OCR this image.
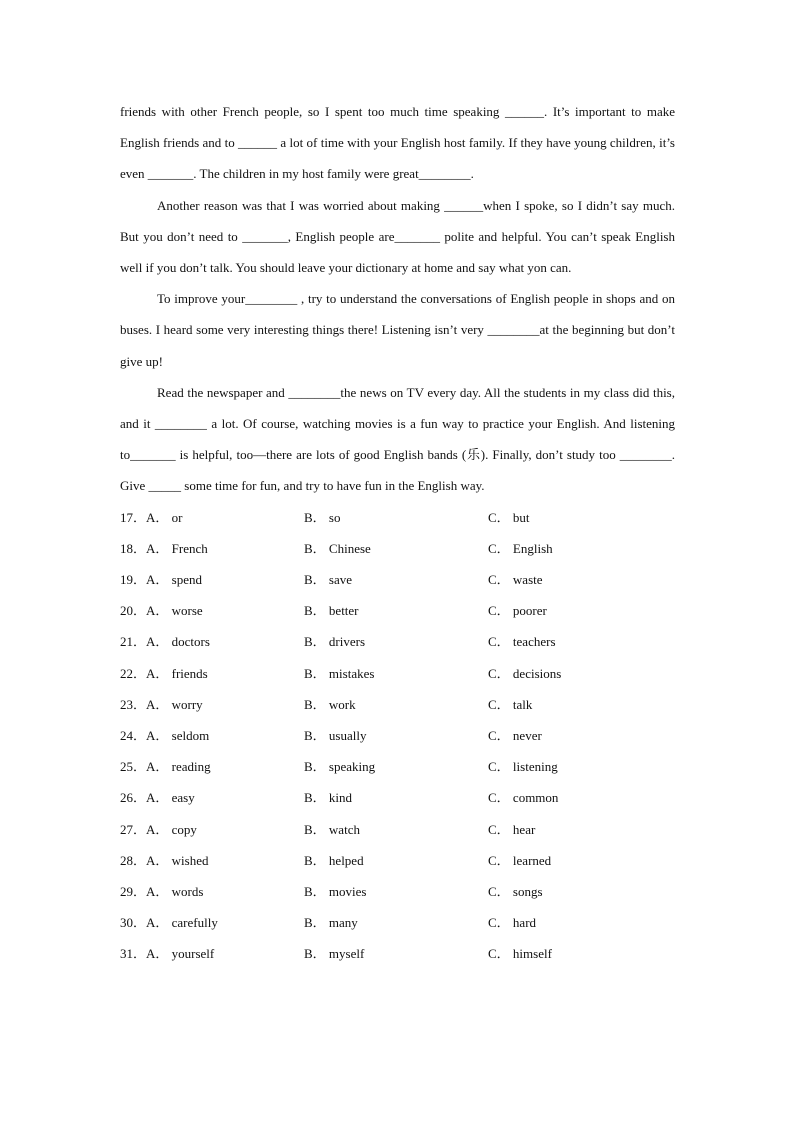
friends with other French people, so I spent too much time speaking ______. It’s important to make English friends and to ______ a lot of time with your English host family. If they have young children, it’s even _______. The children in my host family were great________.

Another reason was that I was worried about making ______when I spoke, so I didn’t say much. But you don’t need to _______, English people are_______ polite and helpful. You can’t speak English well if you don’t talk. You should leave your dictionary at home and say what yon can.

To improve your________ , try to understand the conversations of English people in shops and on buses. I heard some very interesting things there! Listening isn’t very ________at the beginning but don’t give up!

Read the newspaper and ________the news on TV every day. All the students in my class did this, and it ________ a lot. Of course, watching movies is a fun way to practice your English. And listening to_______ is helpful, too—there are lots of good English bands (乐). Finally, don’t study too ________. Give _____ some time for fun, and try to have fun in the English way.

17． A． or	B． so	C． but
18． A． French	B． Chinese	C． English
19． A． spend	B． save	C． waste
20． A． worse	B． better	C． poorer
21． A． doctors	B． drivers	C． teachers
22． A． friends	B． mistakes	C． decisions
23． A． worry	B． work	C． talk
24． A． seldom	B． usually	C． never
25． A． reading	B． speaking	C． listening
26． A． easy	B． kind	C． common
27． A． copy	B． watch	C． hear
28． A． wished	B． helped	C． learned
29． A． words	B． movies	C． songs
30． A． carefully	B． many	C． hard
31． A． yourself	B． myself	C． himself
